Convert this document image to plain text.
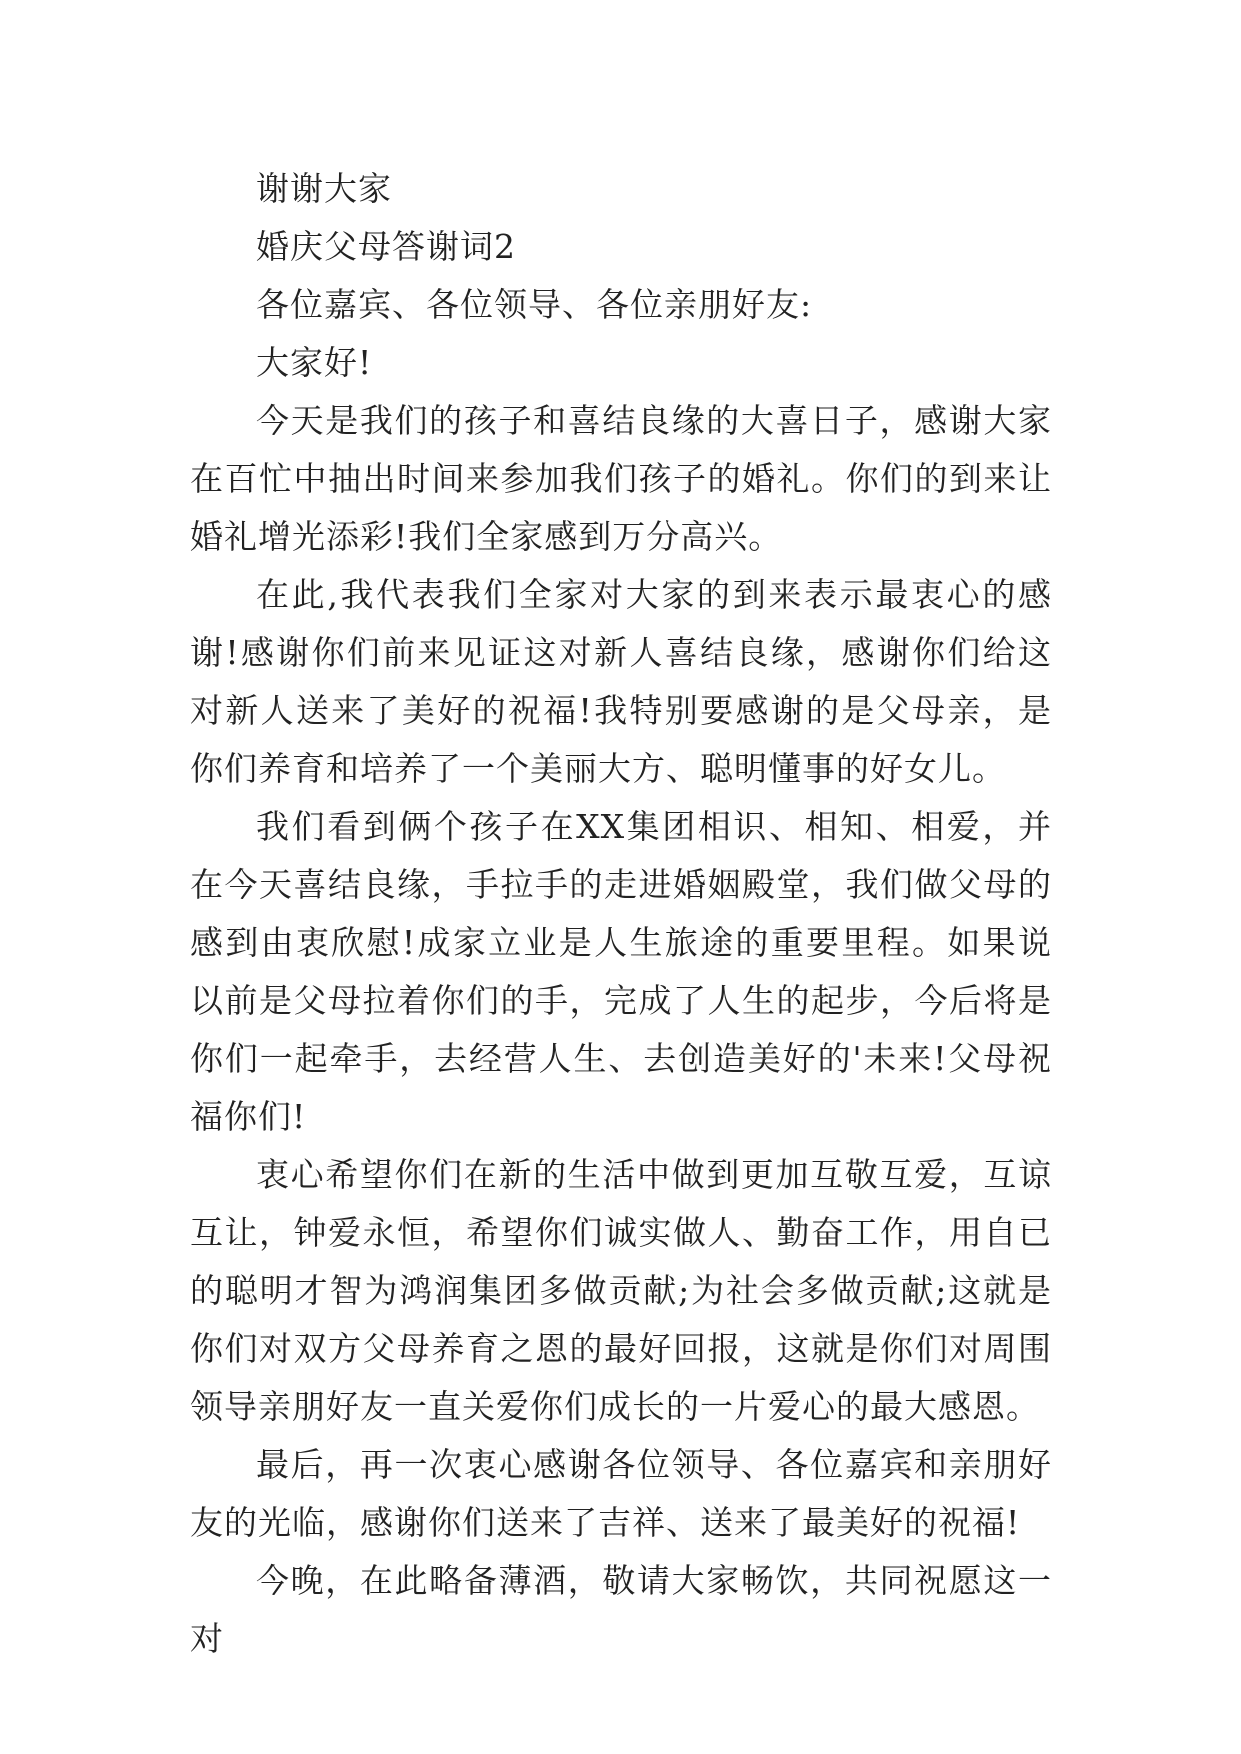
谢谢大家

婚庆父母答谢词2

各位嘉宾、各位领导、各位亲朋好友:

大家好!

今天是我们的孩子和喜结良缘的大喜日子，感谢大家在百忙中抽出时间来参加我们孩子的婚礼。你们的到来让婚礼增光添彩!我们全家感到万分高兴。

在此,我代表我们全家对大家的到来表示最衷心的感谢!感谢你们前来见证这对新人喜结良缘，感谢你们给这对新人送来了美好的祝福!我特别要感谢的是父母亲，是你们养育和培养了一个美丽大方、聪明懂事的好女儿。

我们看到俩个孩子在XX集团相识、相知、相爱，并在今天喜结良缘，手拉手的走进婚姻殿堂，我们做父母的感到由衷欣慰!成家立业是人生旅途的重要里程。如果说以前是父母拉着你们的手，完成了人生的起步，今后将是你们一起牵手，去经营人生、去创造美好的'未来!父母祝福你们!

衷心希望你们在新的生活中做到更加互敬互爱，互谅互让，钟爱永恒，希望你们诚实做人、勤奋工作，用自已的聪明才智为鸿润集团多做贡献;为社会多做贡献;这就是你们对双方父母养育之恩的最好回报，这就是你们对周围领导亲朋好友一直关爱你们成长的一片爱心的最大感恩。

最后，再一次衷心感谢各位领导、各位嘉宾和亲朋好友的光临，感谢你们送来了吉祥、送来了最美好的祝福!

今晚，在此略备薄酒，敬请大家畅饮，共同祝愿这一对
